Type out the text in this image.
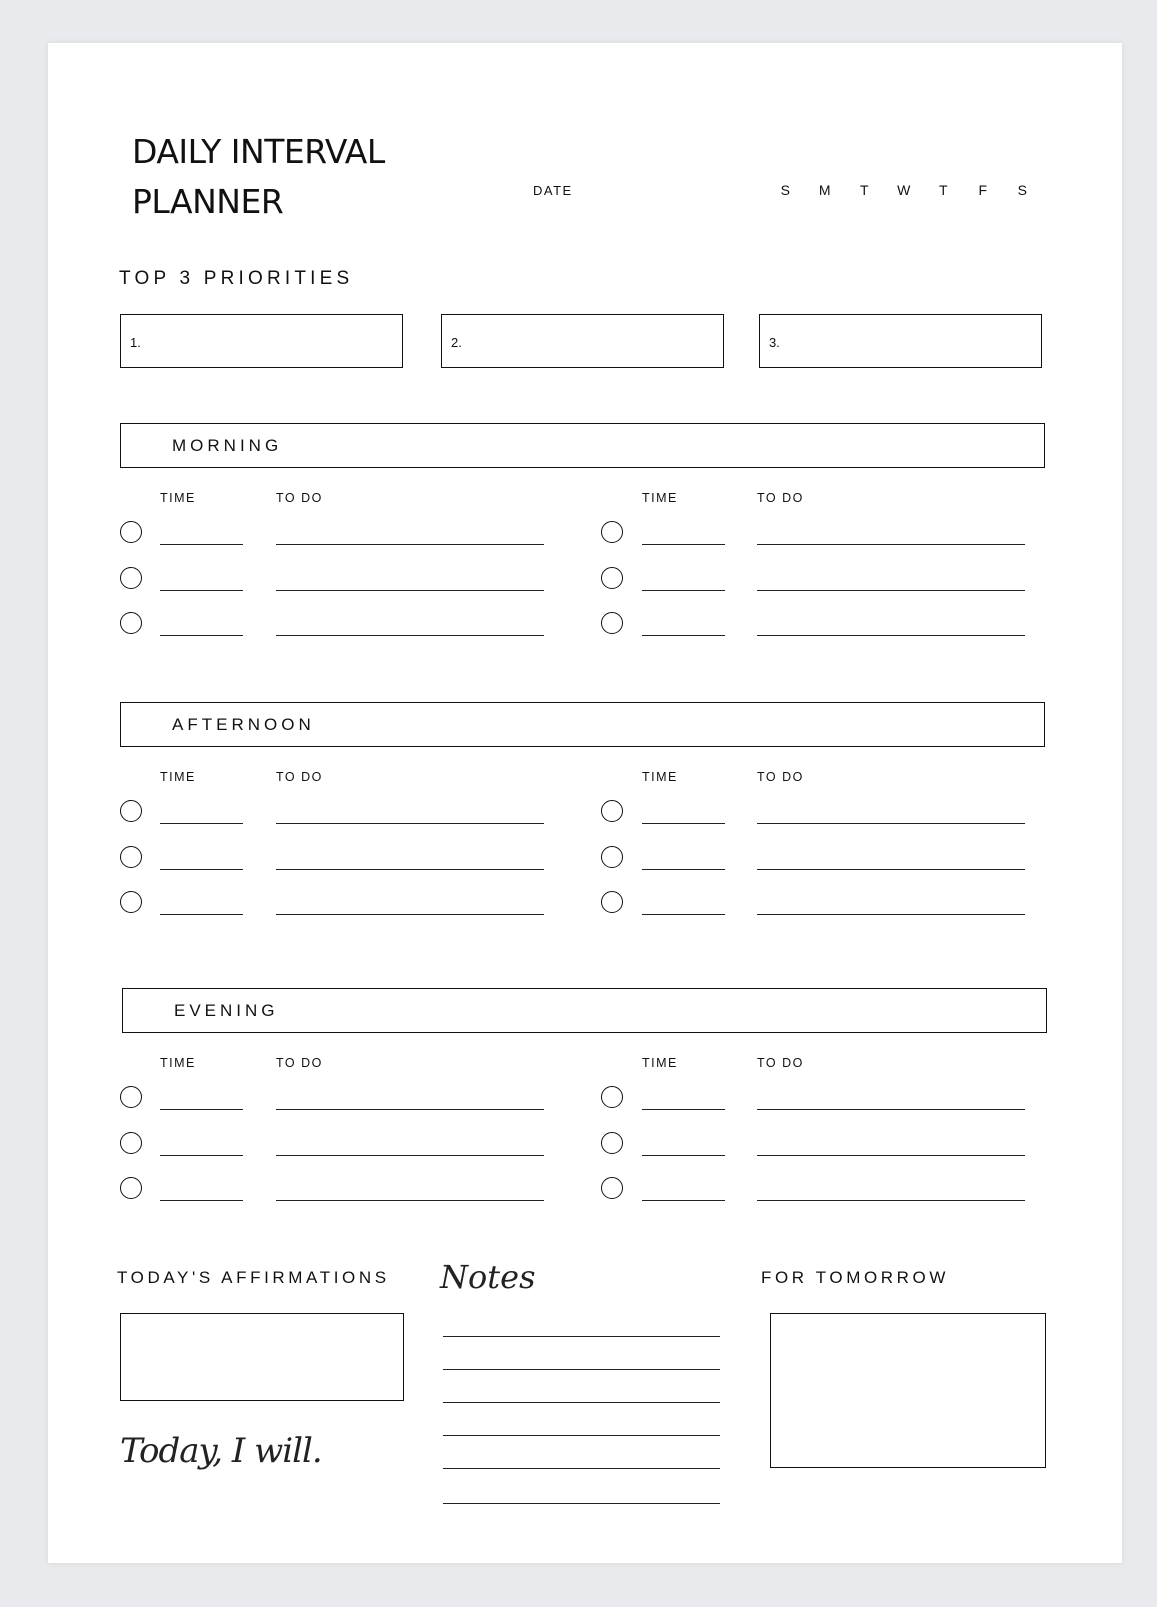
DAILY INTERVAL
PLANNER	DATE	S	M	T	W	T	F	S
TOP 3 PRIORITIES
1.	2.	3.
MORNING
AFTERNOON
EVENING
TIME	TO DO	TIME	TO DO
TIME	TO DO	TIME	TO DO
TIME	TO DO	TIME	TO DO
TODAY'S AFFIRMATIONS
Today, I will.
Notes	FOR TOMORROW
